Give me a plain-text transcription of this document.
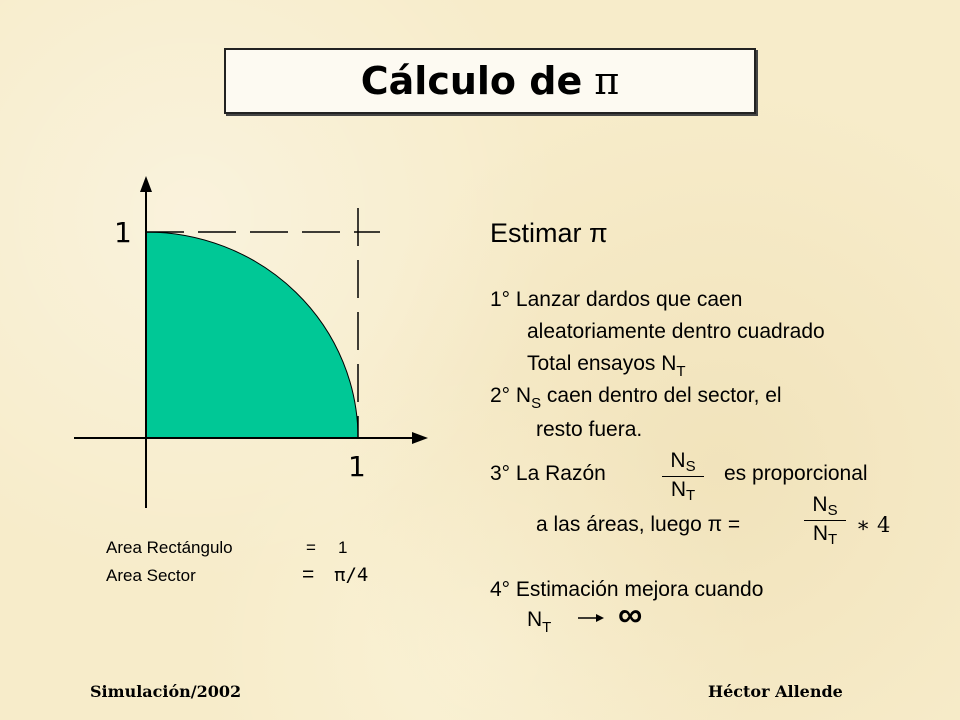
Cálculo de π
1
1
Area Rectángulo	= 1
Area Sector	= π/4
Estimar π
1° Lanzar dardos que caen
aleatoriamente dentro cuadrado
Total ensayos $N_T$
2° $N_S$ caen dentro del sector, el
resto fuera.
3° La Razón
NS
NT
es proporcional
a las áreas, luego π =
NS
NT
∗ 4
4° Estimación mejora cuando
$N_T$ ∞
Simulación/2002	Héctor Allende
